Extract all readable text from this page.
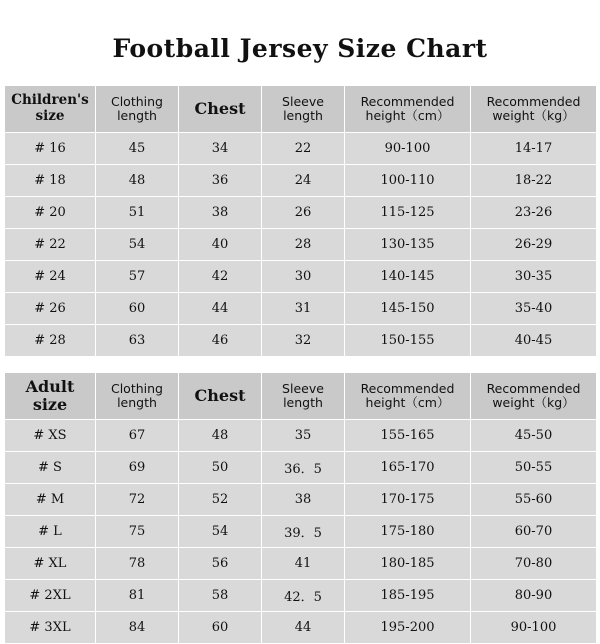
Football Jersey Size Chart
Children's size	Clothing length	Chest	Sleeve length	Recommended height（cm）	Recommended weight（kg）
# 16	45	34	22	90-100	14-17
# 18	48	36	24	100-110	18-22
# 20	51	38	26	115-125	23-26
# 22	54	40	28	130-135	26-29
# 24	57	42	30	140-145	30-35
# 26	60	44	31	145-150	35-40
# 28	63	46	32	150-155	40-45
Adult size	Clothing length	Chest	Sleeve length	Recommended height（cm）	Recommended weight（kg）
# XS	67	48	35	155-165	45-50
# S	69	50	36．5	165-170	50-55
# M	72	52	38	170-175	55-60
# L	75	54	39．5	175-180	60-70
# XL	78	56	41	180-185	70-80
# 2XL	81	58	42．5	185-195	80-90
# 3XL	84	60	44	195-200	90-100
